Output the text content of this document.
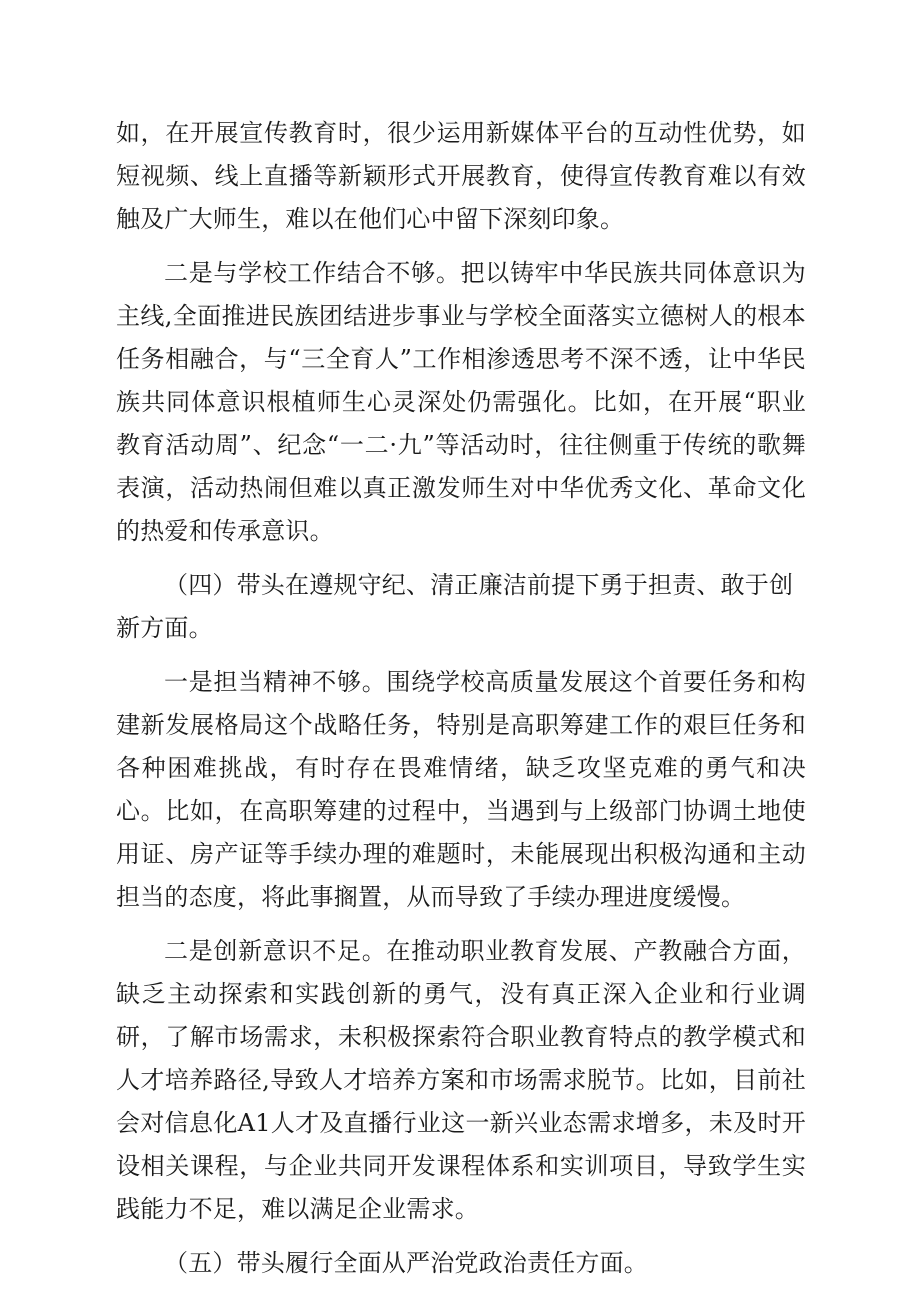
如，在开展宣传教育时，很少运用新媒体平台的互动性优势，如短视频、线上直播等新颖形式开展教育，使得宣传教育难以有效触及广大师生，难以在他们心中留下深刻印象。

二是与学校工作结合不够。把以铸牢中华民族共同体意识为主线,全面推进民族团结进步事业与学校全面落实立德树人的根本任务相融合，与“三全育人”工作相渗透思考不深不透，让中华民族共同体意识根植师生心灵深处仍需强化。比如，在开展“职业教育活动周”、纪念“一二·九”等活动时，往往侧重于传统的歌舞表演，活动热闹但难以真正激发师生对中华优秀文化、革命文化的热爱和传承意识。

（四）带头在遵规守纪、清正廉洁前提下勇于担责、敢于创新方面。

一是担当精神不够。围绕学校高质量发展这个首要任务和构建新发展格局这个战略任务，特别是高职筹建工作的艰巨任务和各种困难挑战，有时存在畏难情绪，缺乏攻坚克难的勇气和决心。比如，在高职筹建的过程中，当遇到与上级部门协调土地使用证、房产证等手续办理的难题时，未能展现出积极沟通和主动担当的态度，将此事搁置，从而导致了手续办理进度缓慢。

二是创新意识不足。在推动职业教育发展、产教融合方面，缺乏主动探索和实践创新的勇气，没有真正深入企业和行业调研，了解市场需求，未积极探索符合职业教育特点的教学模式和人才培养路径,导致人才培养方案和市场需求脱节。比如，目前社会对信息化A1人才及直播行业这一新兴业态需求增多，未及时开设相关课程，与企业共同开发课程体系和实训项目，导致学生实践能力不足，难以满足企业需求。

（五）带头履行全面从严治党政治责任方面。
